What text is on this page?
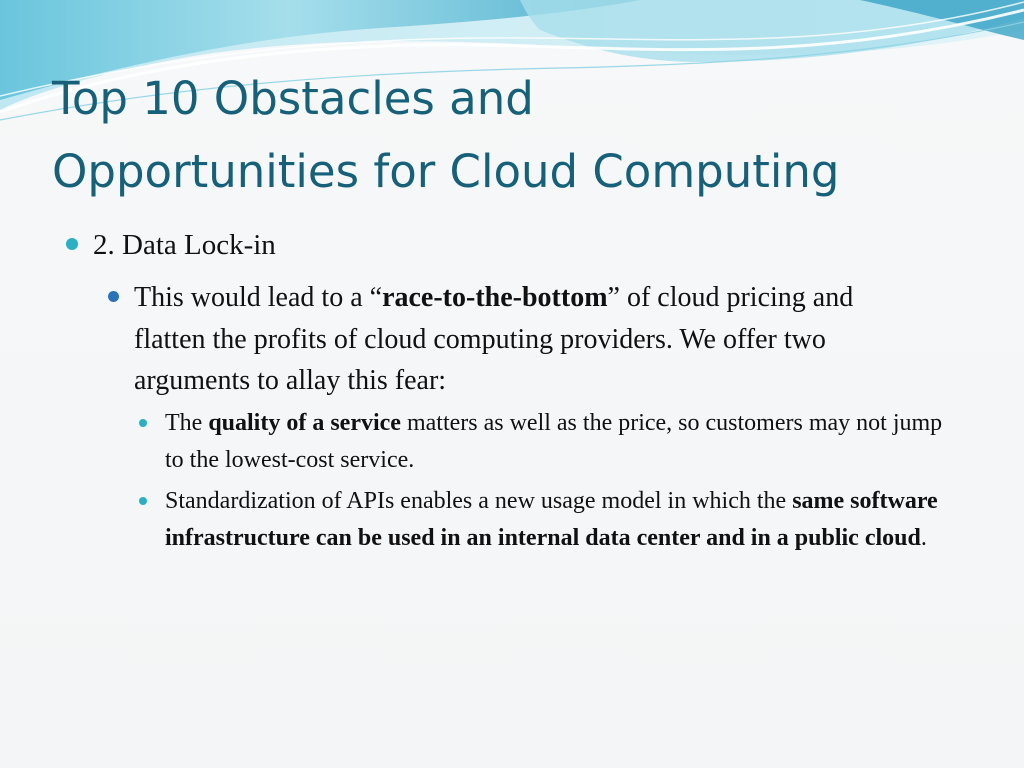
Top 10 Obstacles and
Opportunities for Cloud Computing

2. Data Lock-in

This would lead to a “race-to-the-bottom” of cloud pricing and flatten the profits of cloud computing providers. We offer two arguments to allay this fear:

The quality of a service matters as well as the price, so customers may not jump to the lowest-cost service.

Standardization of APIs enables a new usage model in which the same software infrastructure can be used in an internal data center and in a public cloud.
